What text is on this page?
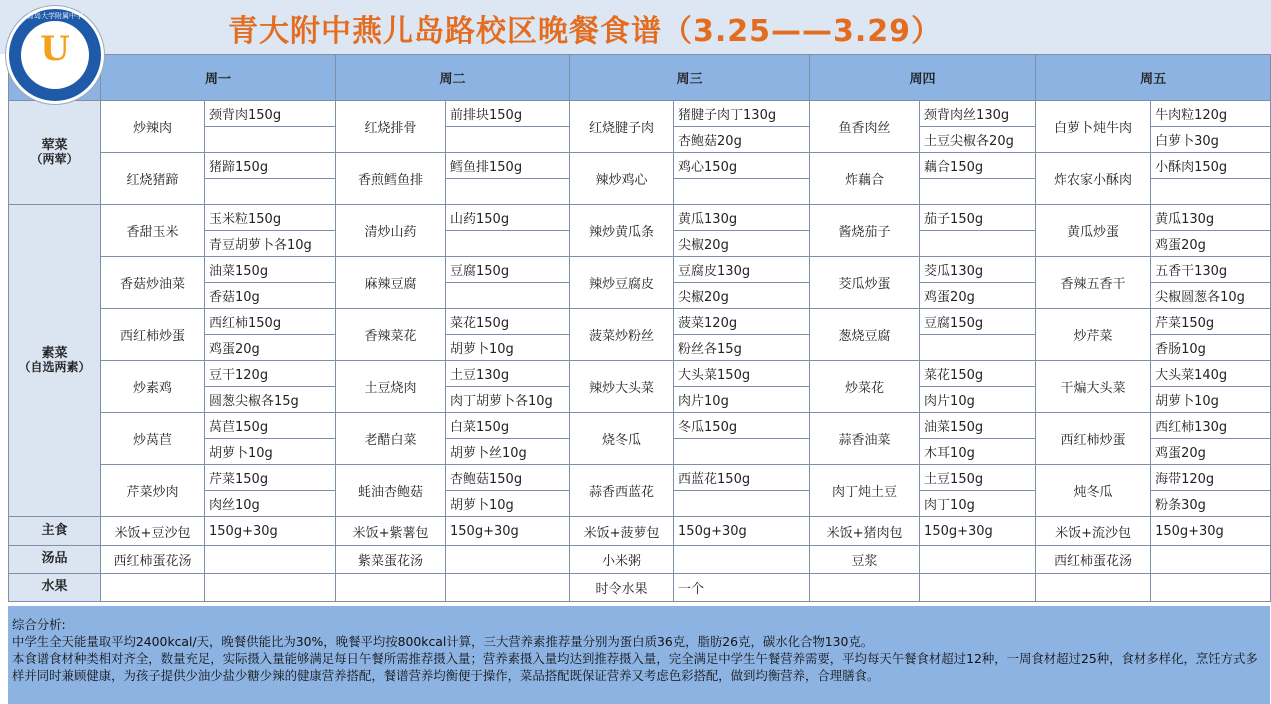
青大附中燕儿岛路校区晚餐食谱（3.25——3.29）
青岛大学附属中学
U
	周一		周二		周三		周四		周五	
荤菜
（两荤）	炒辣肉	颈背肉150g	红烧排骨	前排块150g	红烧腱子肉	猪腱子肉丁130g	鱼香肉丝	颈背肉丝130g	白萝卜炖牛肉	牛肉粒120g
						杏鲍菇20g		土豆尖椒各20g		白萝卜30g
	红烧猪蹄	猪蹄150g	香煎鳕鱼排	鳕鱼排150g	辣炒鸡心	鸡心150g	炸藕合	藕合150g	炸农家小酥肉	小酥肉150g

素菜
（自选两素）	香甜玉米	玉米粒150g	清炒山药	山药150g	辣炒黄瓜条	黄瓜130g	酱烧茄子	茄子150g	黄瓜炒蛋	黄瓜130g
		青豆胡萝卜各10g				尖椒20g				鸡蛋20g
	香菇炒油菜	油菜150g	麻辣豆腐	豆腐150g	辣炒豆腐皮	豆腐皮130g	茭瓜炒蛋	茭瓜130g	香辣五香干	五香干130g
		香菇10g				尖椒20g		鸡蛋20g		尖椒圆葱各10g
	西红柿炒蛋	西红柿150g	香辣菜花	菜花150g	菠菜炒粉丝	菠菜120g	葱烧豆腐	豆腐150g	炒芹菜	芹菜150g
		鸡蛋20g		胡萝卜10g		粉丝各15g				香肠10g
	炒素鸡	豆干120g	土豆烧肉	土豆130g	辣炒大头菜	大头菜150g	炒菜花	菜花150g	干煸大头菜	大头菜140g
		圆葱尖椒各15g		肉丁胡萝卜各10g		肉片10g		肉片10g		胡萝卜10g
	炒莴苣	莴苣150g	老醋白菜	白菜150g	烧冬瓜	冬瓜150g	蒜香油菜	油菜150g	西红柿炒蛋	西红柿130g
		胡萝卜10g		胡萝卜丝10g				木耳10g		鸡蛋20g
	芹菜炒肉	芹菜150g	蚝油杏鲍菇	杏鲍菇150g	蒜香西蓝花	西蓝花150g	肉丁炖土豆	土豆150g	炖冬瓜	海带120g
		肉丝10g		胡萝卜10g				肉丁10g		粉条30g
主食	米饭+豆沙包	150g+30g	米饭+紫薯包	150g+30g	米饭+菠萝包	150g+30g	米饭+猪肉包	150g+30g	米饭+流沙包	150g+30g
汤品	西红柿蛋花汤		紫菜蛋花汤		小米粥		豆浆		西红柿蛋花汤	
水果					时令水果	一个				
综合分析:
中学生全天能量取平均2400kcal/天，晚餐供能比为30%，晚餐平均按800kcal计算，三大营养素推荐量分别为蛋白质36克，脂肪26克，碳水化合物130克。
本食谱食材种类相对齐全，数量充足，实际摄入量能够满足每日午餐所需推荐摄入量；营养素摄入量均达到推荐摄入量，完全满足中学生午餐营养需要，平均每天午餐食材超过12种，一周食材超过25种，食材多样化，烹饪方式多样并同时兼顾健康，为孩子提供少油少盐少糖少辣的健康营养搭配，餐谱营养均衡便于操作，菜品搭配既保证营养又考虑色彩搭配，做到均衡营养，合理膳食。
